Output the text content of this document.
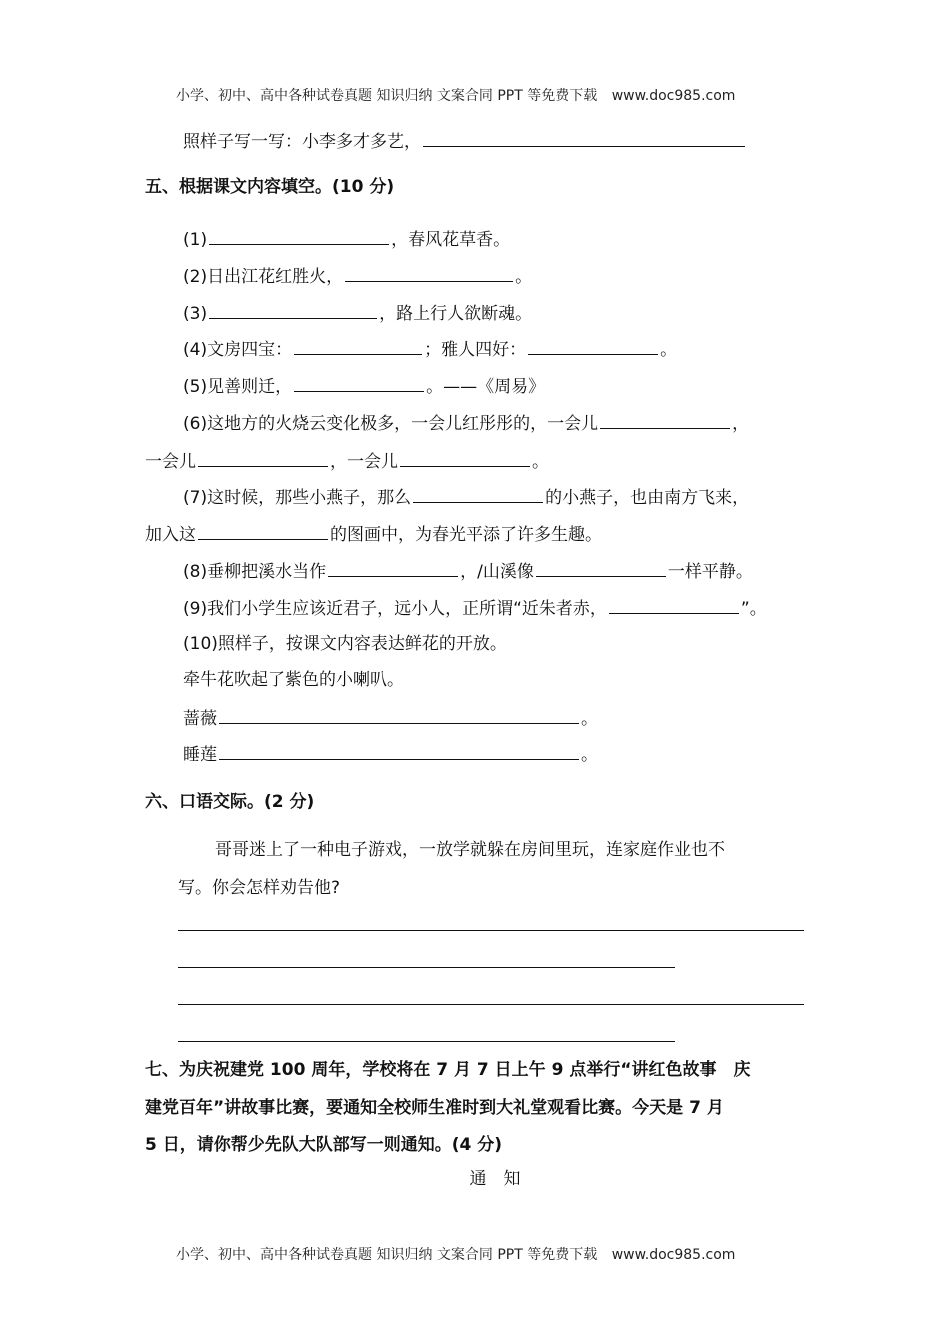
小学、初中、高中各种试卷真题 知识归纳 文案合同 PPT 等免费下载 www.doc985.com
照样子写一写：小李多才多艺，
五、根据课文内容填空。(10 分)
(1)	，春风花草香。
(2)日出江花红胜火，	。
(3)	，路上行人欲断魂。
(4)文房四宝：	；雅人四好：	。
(5)见善则迁，	。——《周易》
(6)这地方的火烧云变化极多，一会儿红彤彤的，一会儿	，
一会儿	，一会儿	。
(7)这时候，那些小燕子，那么	的小燕子，也由南方飞来，
加入这	的图画中，为春光平添了许多生趣。
(8)垂柳把溪水当作	，/山溪像	一样平静。
(9)我们小学生应该近君子，远小人，正所谓“近朱者赤，	”。
(10)照样子，按课文内容表达鲜花的开放。
牵牛花吹起了紫色的小喇叭。
蔷薇	。
睡莲	。
六、口语交际。(2 分)
哥哥迷上了一种电子游戏，一放学就躲在房间里玩，连家庭作业也不
写。你会怎样劝告他?
七、为庆祝建党 100 周年，学校将在 7 月 7 日上午 9 点举行“讲红色故事　庆
建党百年”讲故事比赛，要通知全校师生准时到大礼堂观看比赛。今天是 7 月
5 日，请你帮少先队大队部写一则通知。(4 分)
通　知
小学、初中、高中各种试卷真题 知识归纳 文案合同 PPT 等免费下载 www.doc985.com
